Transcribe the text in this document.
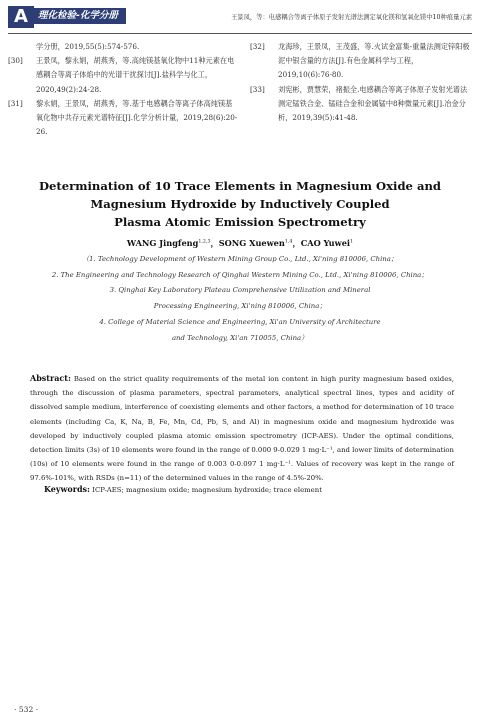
A	理化检验-化学分册	王景凤，等：电感耦合等离子体原子发射光谱法测定氧化镁和氢氧化镁中10种痕量元素
学分册，2019,55(5):574-576.
[30]	王景凤，黎永娟，胡燕秀，等.高纯镁基氧化物中11种元素在电感耦合等离子体焰中的光谱干扰探讨[J].盐科学与化工，2020,49(2):24-28.
[31]	黎永娟，王景凤，胡燕秀，等.基于电感耦合等离子体高纯镁基氧化物中共存元素光谱特征[J].化学分析计量，2019,28(6):20-26.
[32]	龙海珍，王景凤，王茂盛，等.火试金富集-重量法测定锌阳极泥中银含量的方法[J].有色金属科学与工程，2019,10(6):76-80.
[33]	刘宪彬，贾慧荣，褚振全.电感耦合等离子体原子发射光谱法测定锰铁合金、锰硅合金和金属锰中8种微量元素[J].冶金分析，2019,39(5):41-48.
Determination of 10 Trace Elements in Magnesium Oxide and
Magnesium Hydroxide by Inductively Coupled
Plasma Atomic Emission Spectrometry
WANG Jingfeng$^{1,2,3}$，SONG Xuewen$^{1,4}$，CAO Yuwei$^1$
（1. Technology Development of Western Mining Group Co., Ltd., Xi'ning 810006, China；
2. The Engineering and Technology Research of Qinghai Western Mining Co., Ltd., Xi'ning 810006, China；
3. Qinghai Key Laboratory Plateau Comprehensive Utilization and Mineral
Processing Engineering, Xi'ning 810006, China；
4. College of Material Science and Engineering, Xi'an University of Architecture
and Technology, Xi'an 710055, China）
Abstract: Based on the strict quality requirements of the metal ion content in high purity magnesium based oxides, through the discussion of plasma parameters, spectral parameters, analytical spectral lines, types and acidity of dissolved sample medium, interference of coexisting elements and other factors, a method for determination of 10 trace elements (including Ca, K, Na, B, Fe, Mn, Cd, Pb, S, and Al) in magnesium oxide and magnesium hydroxide was developed by inductively coupled plasma atomic emission spectrometry (ICP-AES). Under the optimal conditions, detection limits (3s) of 10 elements were found in the range of 0.000 9-0.029 1 mg·L⁻¹, and lower limits of determination (10s) of 10 elements were found in the range of 0.003 0-0.097 1 mg·L⁻¹. Values of recovery was kept in the range of 97.6%-101%, with RSDs (n=11) of the determined values in the range of 4.5%-20%.
Keywords: ICP-AES; magnesium oxide; magnesium hydroxide; trace element
· 532 ·
